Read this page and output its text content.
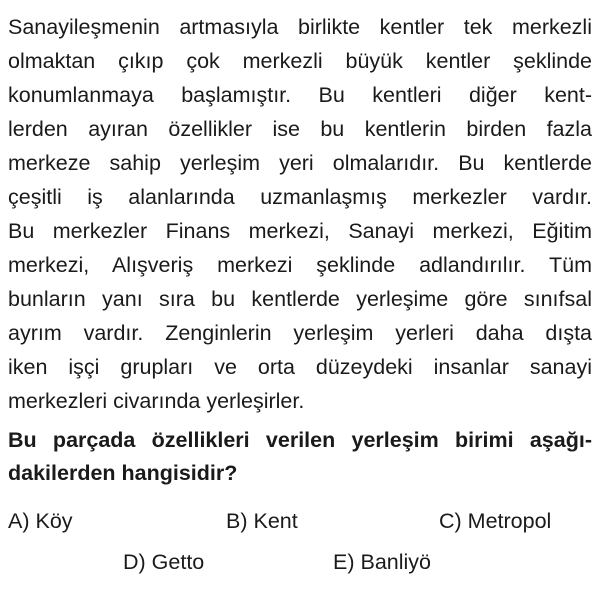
Sanayileşmenin artmasıyla birlikte kentler tek merkezli
olmaktan çıkıp çok merkezli büyük kentler şeklinde
konumlanmaya başlamıştır. Bu kentleri diğer kent-
lerden ayıran özellikler ise bu kentlerin birden fazla
merkeze sahip yerleşim yeri olmalarıdır. Bu kentlerde
çeşitli iş alanlarında uzmanlaşmış merkezler vardır.
Bu merkezler Finans merkezi, Sanayi merkezi, Eğitim
merkezi, Alışveriş merkezi şeklinde adlandırılır. Tüm
bunların yanı sıra bu kentlerde yerleşime göre sınıfsal
ayrım vardır. Zenginlerin yerleşim yerleri daha dışta
iken işçi grupları ve orta düzeydeki insanlar sanayi
merkezleri civarında yerleşirler.
Bu parçada özellikleri verilen yerleşim birimi aşağı-
dakilerden hangisidir?
A) Köy	B) Kent	C) Metropol
D) Getto	E) Banliyö
